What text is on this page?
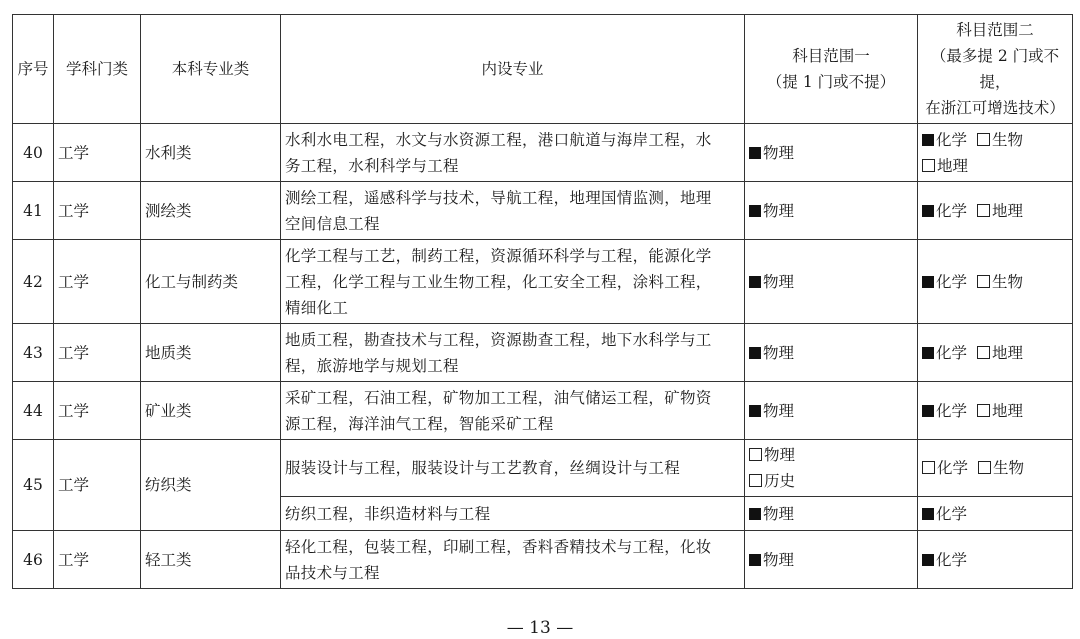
序号	学科门类	本科专业类	内设专业	科目范围一
（提 1 门或不提）	科目范围二
（最多提 2 门或不提，
在浙江可增选技术）

40	工学	水利类	水利水电工程，水文与水资源工程，港口航道与海岸工程，水
务工程，水利科学与工程	物理	化学 生物
地理

41	工学	测绘类	测绘工程，遥感科学与技术，导航工程，地理国情监测，地理
空间信息工程	物理	化学 地理

42	工学	化工与制药类	化学工程与工艺，制药工程，资源循环科学与工程，能源化学
工程，化学工程与工业生物工程，化工安全工程，涂料工程，
精细化工	物理	化学 生物

43	工学	地质类	地质工程，勘查技术与工程，资源勘查工程，地下水科学与工
程，旅游地学与规划工程	物理	化学 地理

44	工学	矿业类	采矿工程，石油工程，矿物加工工程，油气储运工程，矿物资
源工程，海洋油气工程，智能采矿工程	物理	化学 地理

45	工学	纺织类	服装设计与工程，服装设计与工艺教育，丝绸设计与工程	物理
历史	化学 生物

			纺织工程，非织造材料与工程	物理	化学

46	工学	轻工类	轻化工程，包装工程，印刷工程，香料香精技术与工程，化妆
品技术与工程	物理	化学
— 13 —
